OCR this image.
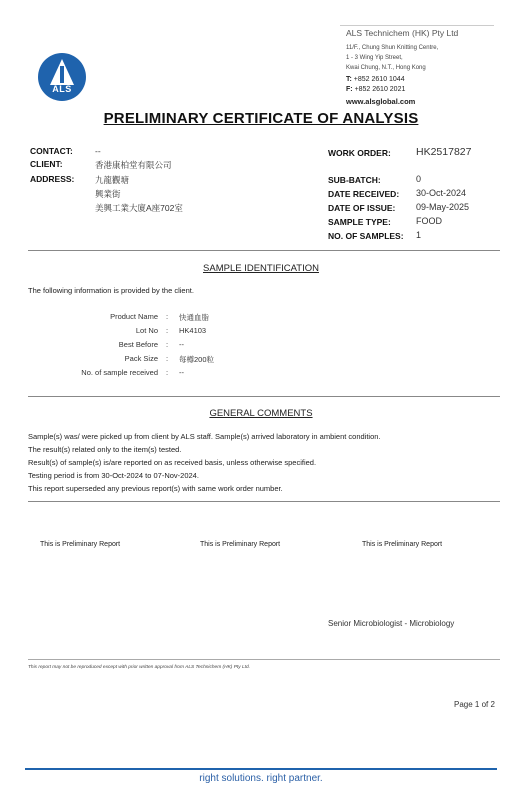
ALS
ALS Technichem (HK) Pty Ltd
11/F., Chung Shun Knitting Centre,
1 - 3 Wing Yip Street,
Kwai Chung, N.T., Hong Kong
T: +852 2610 1044
F: +852 2610 2021
www.alsglobal.com
PRELIMINARY CERTIFICATE OF ANALYSIS
CONTACT:	--
CLIENT:	香港康柏堂有限公司
ADDRESS: 九龍觀塘
興業街
美興工業大廈A座702室
WORK ORDER: HK2517827
SUB-BATCH:	0
DATE RECEIVED: 30-Oct-2024
DATE OF ISSUE: 09-May-2025
SAMPLE TYPE:	FOOD
NO. OF SAMPLES: 1
SAMPLE IDENTIFICATION
The following information is provided by the client.
Product Name : 快通血脂
Lot No : HK4103
Best Before : --
Pack Size : 每樽200粒
No. of sample received : --
GENERAL COMMENTS
Sample(s) was/ were picked up from client by ALS staff. Sample(s) arrived laboratory in ambient condition.
The result(s) related only to the item(s) tested.
Result(s) of sample(s) is/are reported on as received basis, unless otherwise specified.
Testing period is from 30-Oct-2024 to 07-Nov-2024.
This report superseded any previous report(s) with same work order number.
This is Preliminary Report	This is Preliminary Report	This is Preliminary Report
Senior Microbiologist - Microbiology
This report may not be reproduced except with prior written approval from ALS Technichem (HK) Pty Ltd.
Page 1 of 2
right solutions. right partner.
